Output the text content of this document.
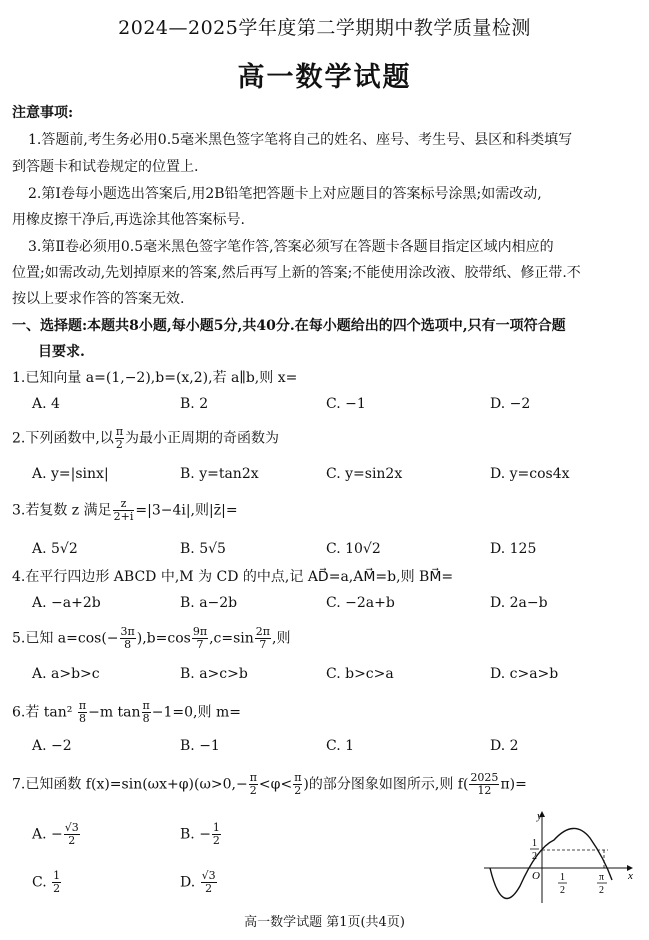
2024—2025学年度第二学期期中教学质量检测
高一数学试题
注意事项:
1.答题前,考生务必用0.5毫米黑色签字笔将自己的姓名、座号、考生号、县区和科类填写
到答题卡和试卷规定的位置上.
2.第Ⅰ卷每小题选出答案后,用2B铅笔把答题卡上对应题目的答案标号涂黑;如需改动,
用橡皮擦干净后,再选涂其他答案标号.
3.第Ⅱ卷必须用0.5毫米黑色签字笔作答,答案必须写在答题卡各题目指定区域内相应的
位置;如需改动,先划掉原来的答案,然后再写上新的答案;不能使用涂改液、胶带纸、修正带.不
按以上要求作答的答案无效.
一、选择题:本题共8小题,每小题5分,共40分.在每小题给出的四个选项中,只有一项符合题
目要求.
1.已知向量 a=(1,−2),b=(x,2),若 a∥b,则 x=
A. 4	B. 2	C. −1	D. −2
2.下列函数中,以 $\frac{\pi}{2}$ 为最小正周期的奇函数为
A. y=|sinx|	B. y=tan2x	C. y=sin2x	D. y=cos4x
3.若复数 z 满足 $\frac{z}{2+i} =|3-4i|$,则|z̄|=
A. 5√2	B. 5√5	C. 10√2	D. 125
4.在平行四边形 ABCD 中,M 为 CD 的中点,记 AD⃗=a,AM⃗=b,则 BM⃗=
A. −a+2b	B. a−2b	C. −2a+b	D. 2a−b
5.已知 $a=\cos(- \frac{3\pi}{8} ),b=\cos \frac{9\pi}{7} ,c=\sin \frac{2\pi}{7}$ ,则
A. a>b>c	B. a>c>b	C. b>c>a	D. c>a>b
6.若 $\tan^2 \frac{\pi}{8} -m$ $\tan \frac{\pi}{8} -1=0$,则 m=
A. −2	B. −1	C. 1	D. 2
7.已知函数 $f(x)=\sin(\omega x+\varphi)(\omega>0,- \frac{\pi}{2} <\varphi< \frac{\pi}{2}$ )的部分图象如图所示,则 $f( \frac{2025}{12} \pi)=$
A. − $\frac{√3}{2}$	B. − $\frac{1}{2}$
C. $\frac{1}{2}$	D. $\frac{√3}{2}$
y
x
O
1
2
1
2
π
2
高一数学试题 第1页(共4页)
